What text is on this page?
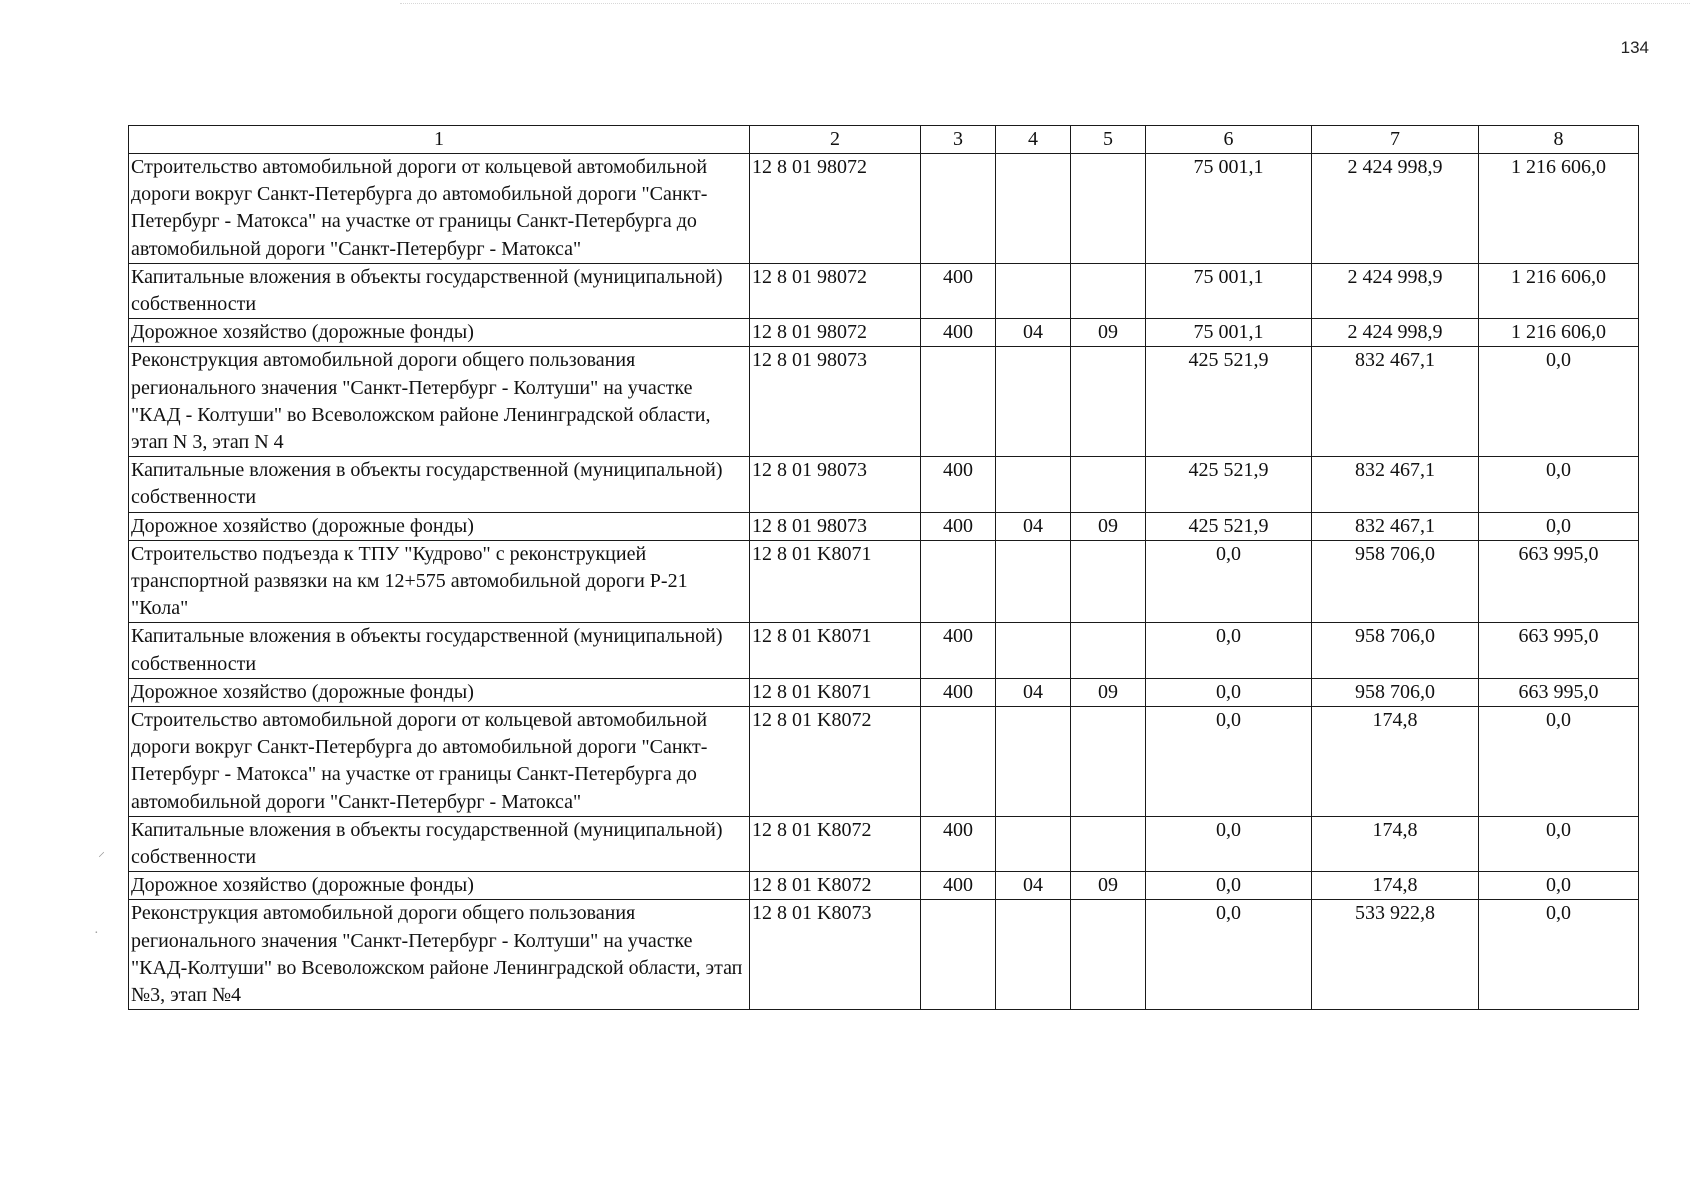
134
⸝
·
1	2	3	4	5	6	7	8
Строительство автомобильной дороги от кольцевой автомобильной дороги вокруг Санкт-Петербурга до автомобильной дороги "Санкт-Петербург - Матокса" на участке от границы Санкт-Петербурга до автомобильной дороги "Санкт-Петербург - Матокса"	12 8 01 98072				75 001,1	2 424 998,9	1 216 606,0
Капитальные вложения в объекты государственной (муниципальной) собственности	12 8 01 98072	400			75 001,1	2 424 998,9	1 216 606,0
Дорожное хозяйство (дорожные фонды)	12 8 01 98072	400	04	09	75 001,1	2 424 998,9	1 216 606,0
Реконструкция автомобильной дороги общего пользования регионального значения "Санкт-Петербург - Колтуши" на участке "КАД - Колтуши" во Всеволожском районе Ленинградской области, этап N 3, этап N 4	12 8 01 98073				425 521,9	832 467,1	0,0
Капитальные вложения в объекты государственной (муниципальной) собственности	12 8 01 98073	400			425 521,9	832 467,1	0,0
Дорожное хозяйство (дорожные фонды)	12 8 01 98073	400	04	09	425 521,9	832 467,1	0,0
Строительство подъезда к ТПУ "Кудрово" с реконструкцией транспортной развязки на км 12+575 автомобильной дороги Р-21 "Кола"	12 8 01 K8071				0,0	958 706,0	663 995,0
Капитальные вложения в объекты государственной (муниципальной) собственности	12 8 01 K8071	400			0,0	958 706,0	663 995,0
Дорожное хозяйство (дорожные фонды)	12 8 01 K8071	400	04	09	0,0	958 706,0	663 995,0
Строительство автомобильной дороги от кольцевой автомобильной дороги вокруг Санкт-Петербурга до автомобильной дороги "Санкт-Петербург - Матокса" на участке от границы Санкт-Петербурга до автомобильной дороги "Санкт-Петербург - Матокса"	12 8 01 K8072				0,0	174,8	0,0
Капитальные вложения в объекты государственной (муниципальной) собственности	12 8 01 K8072	400			0,0	174,8	0,0
Дорожное хозяйство (дорожные фонды)	12 8 01 K8072	400	04	09	0,0	174,8	0,0
Реконструкция автомобильной дороги общего пользования регионального значения "Санкт-Петербург - Колтуши" на участке "КАД-Колтуши" во Всеволожском районе Ленинградской области, этап №3, этап №4	12 8 01 K8073				0,0	533 922,8	0,0
